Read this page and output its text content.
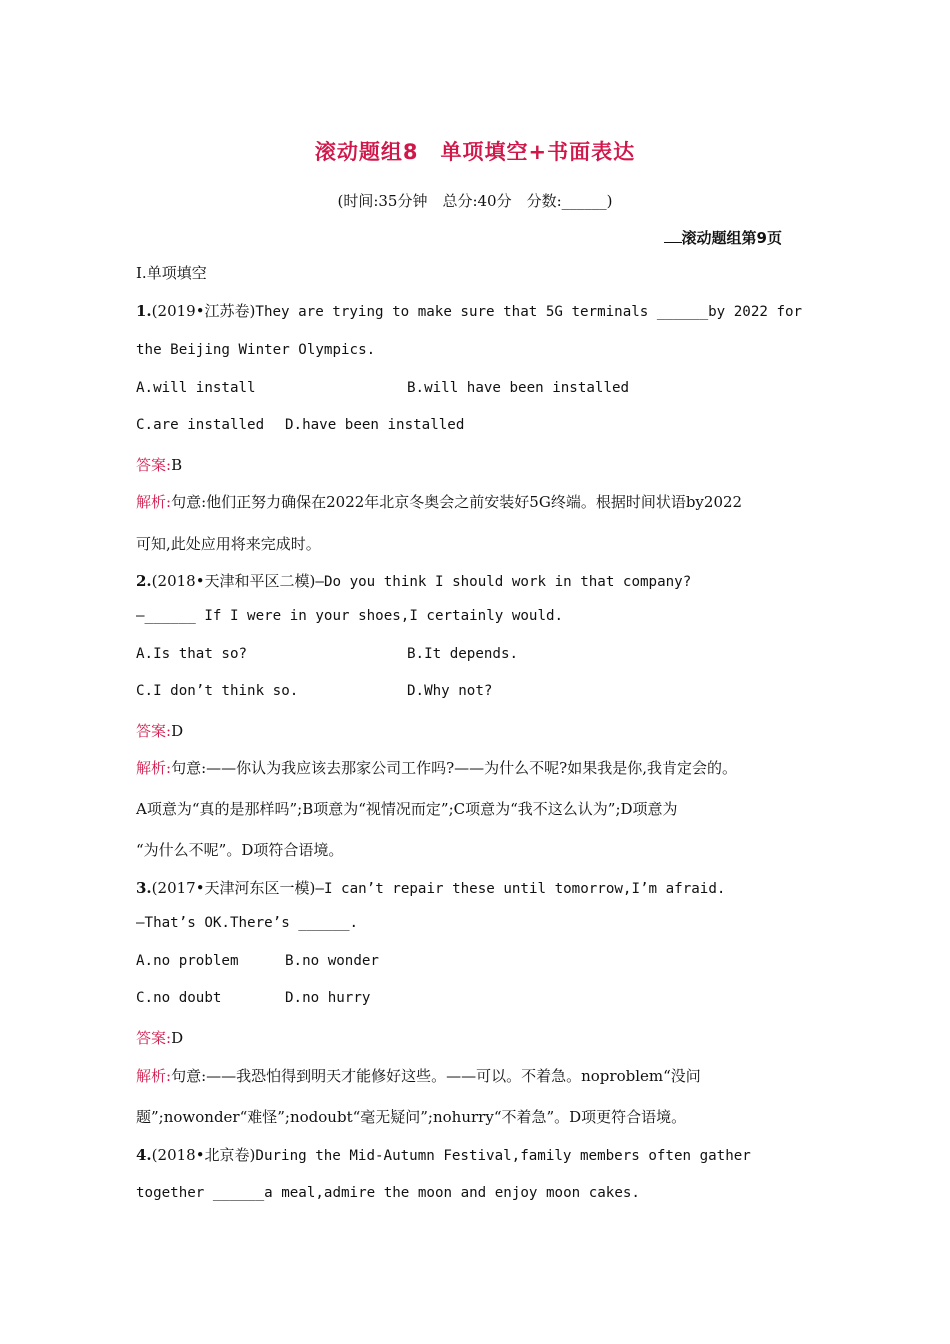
滚动题组8　单项填空+书面表达
(时间:35分钟　总分:40分　分数:______)
滚动题组第9页
Ⅰ.单项填空
1.(2019•江苏卷)They are trying to make sure that 5G terminals ______by 2022 for
the Beijing Winter Olympics.
A.will install	B.will have been installed
C.are installed D.have been installed
答案:B
解析:句意:他们正努力确保在2022年北京冬奥会之前安装好5G终端。根据时间状语by2022
可知,此处应用将来完成时。
2.(2018•天津和平区二模)—Do you think I should work in that company?
—______ If I were in your shoes,I certainly would.
A.Is that so?	B.It depends.
C.I don’t think so.	D.Why not?
答案:D
解析:句意:——你认为我应该去那家公司工作吗?——为什么不呢?如果我是你,我肯定会的。
A项意为“真的是那样吗”;B项意为“视情况而定”;C项意为“我不这么认为”;D项意为
“为什么不呢”。D项符合语境。
3.(2017•天津河东区一模)—I can’t repair these until tomorrow,I’m afraid.
—That’s OK.There’s ______.
A.no problem	B.no wonder
C.no doubt	D.no hurry
答案:D
解析:句意:——我恐怕得到明天才能修好这些。——可以。不着急。noproblem“没问
题”;nowonder“难怪”;nodoubt“毫无疑问”;nohurry“不着急”。D项更符合语境。
4.(2018•北京卷)During the Mid-Autumn Festival,family members often gather
together ______a meal,admire the moon and enjoy moon cakes.
